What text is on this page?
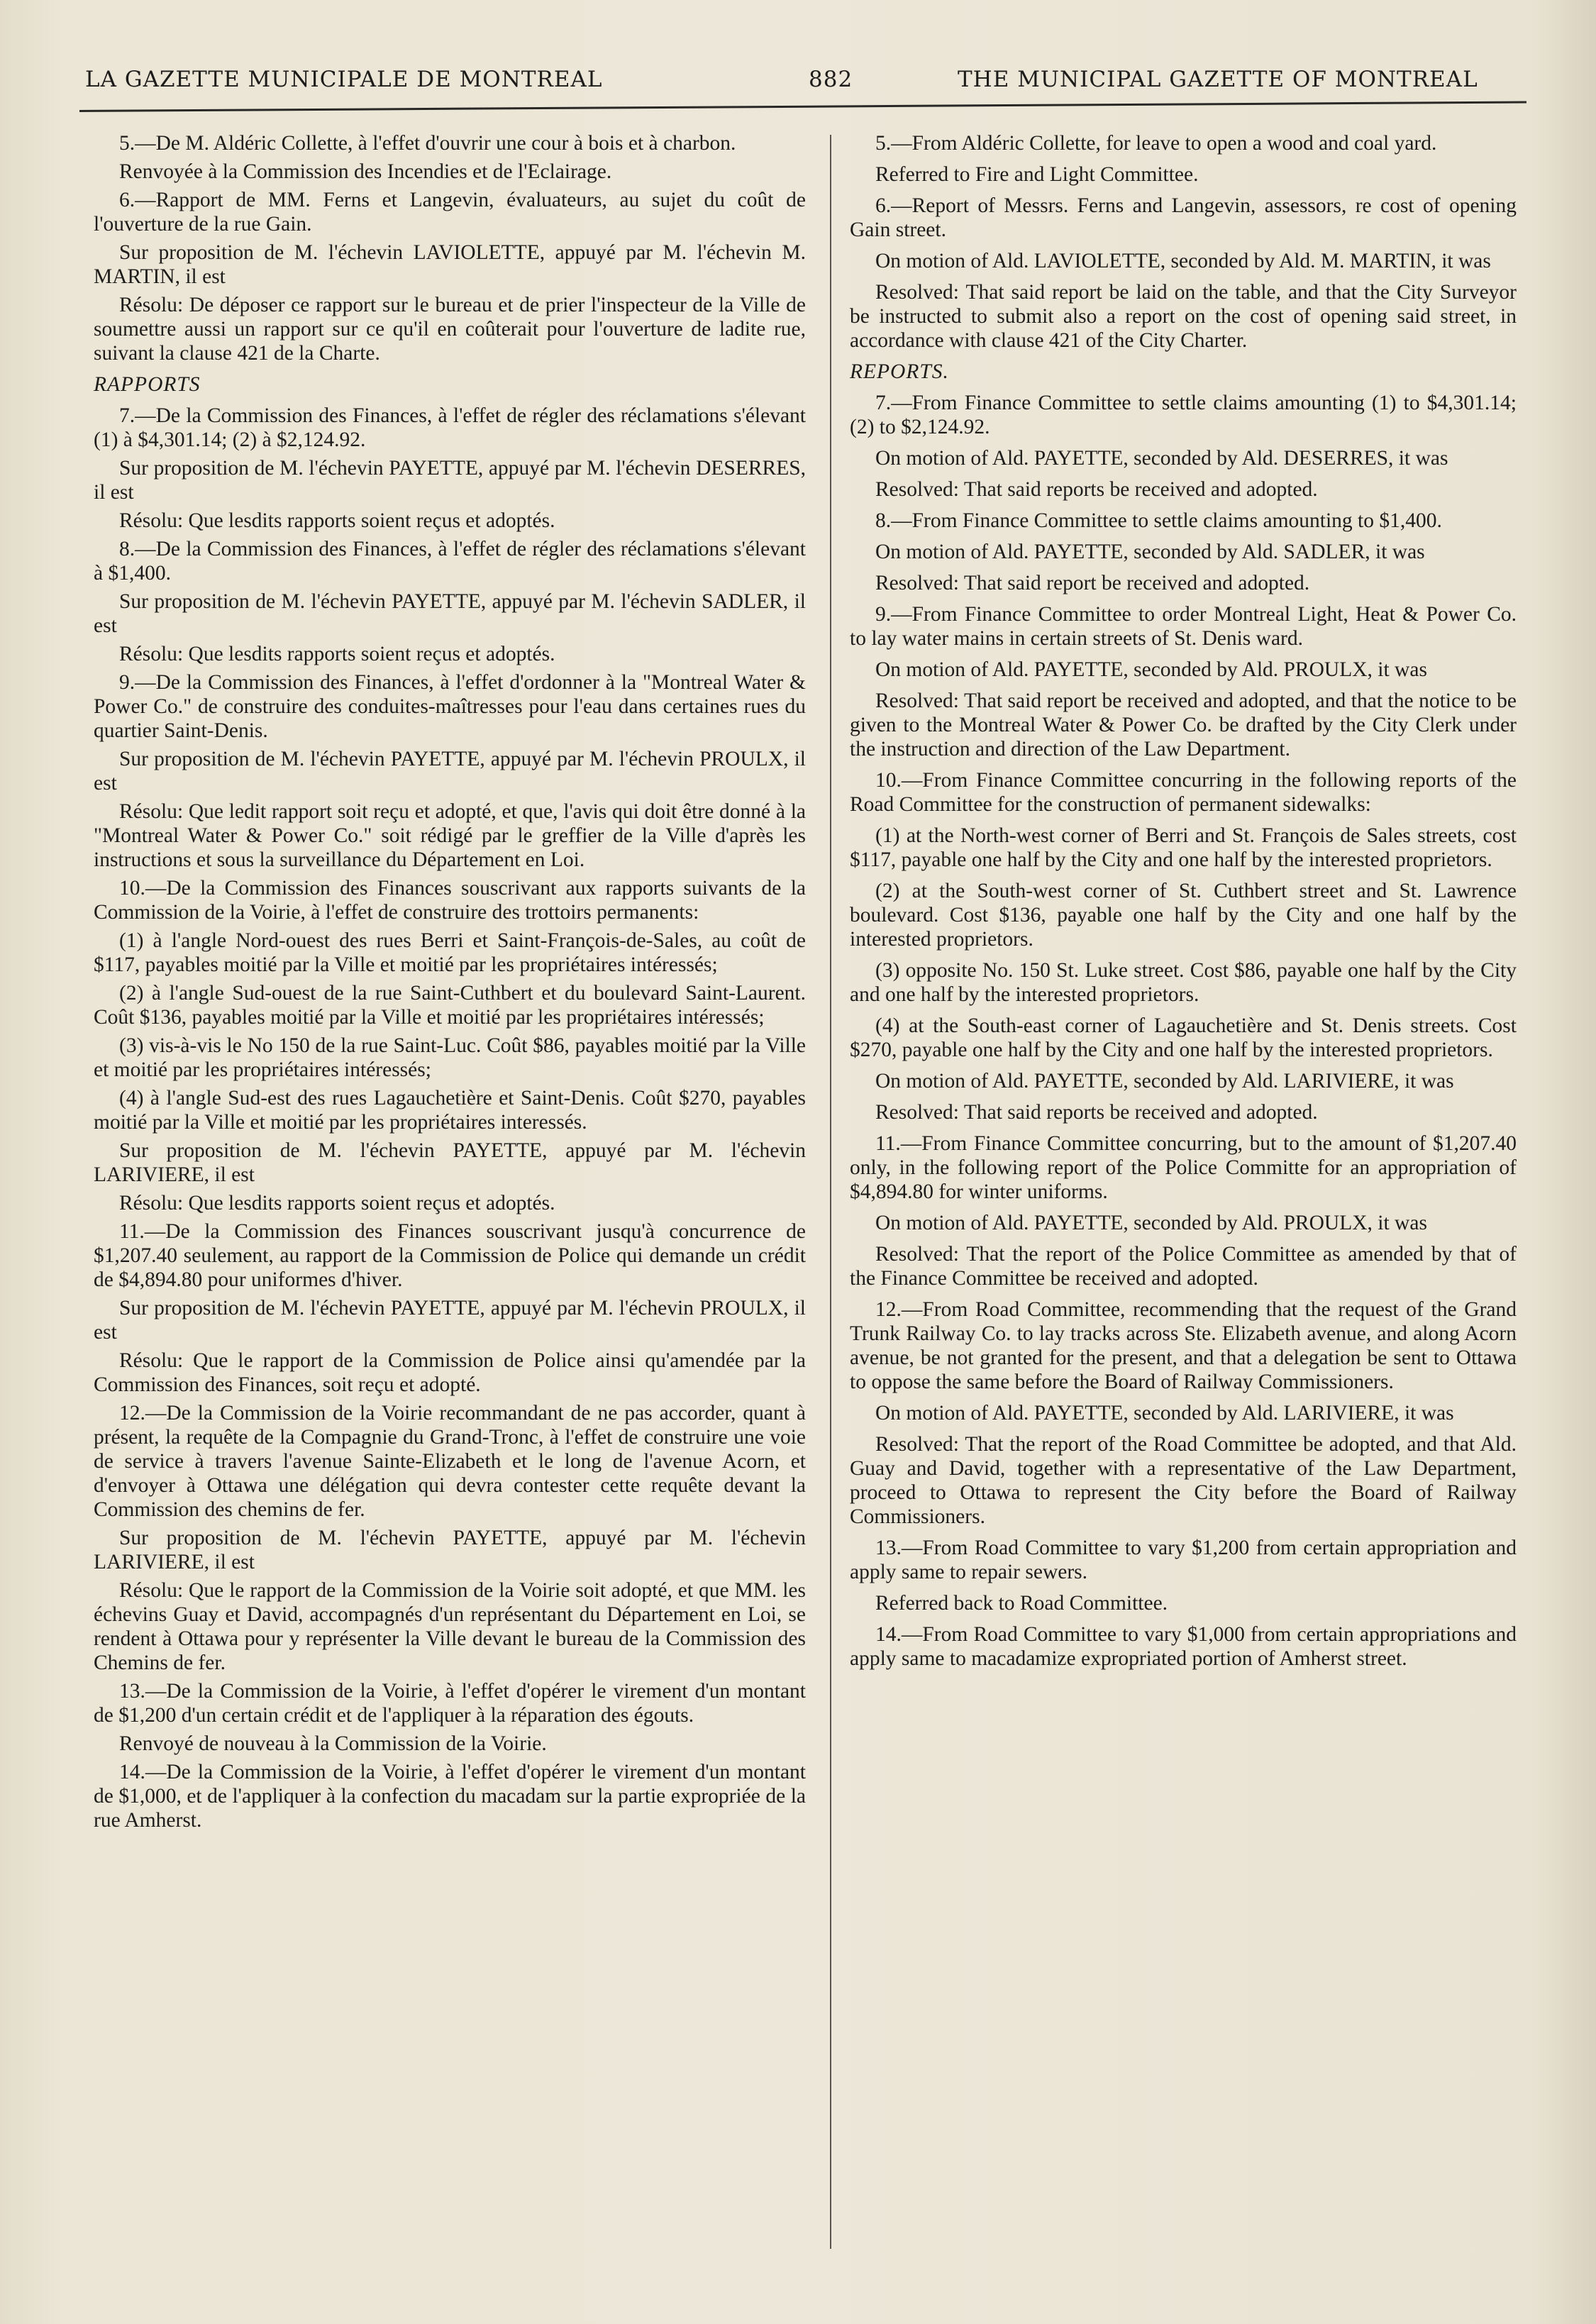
LA GAZETTE MUNICIPALE DE MONTREAL	882	THE MUNICIPAL GAZETTE OF MONTREAL

5.—De M. Aldéric Collette, à l'effet d'ouvrir une cour à bois et à charbon.

Renvoyée à la Commission des Incendies et de l'Eclairage.

6.—Rapport de MM. Ferns et Langevin, évaluateurs, au sujet du coût de l'ouverture de la rue Gain.

Sur proposition de M. l'échevin LAVIOLETTE, appuyé par M. l'échevin M. MARTIN, il est

Résolu: De déposer ce rapport sur le bureau et de prier l'inspecteur de la Ville de soumettre aussi un rapport sur ce qu'il en coûterait pour l'ouverture de ladite rue, suivant la clause 421 de la Charte.

RAPPORTS

7.—De la Commission des Finances, à l'effet de régler des réclamations s'élevant (1) à $4,301.14; (2) à $2,124.92.

Sur proposition de M. l'échevin PAYETTE, appuyé par M. l'échevin DESERRES, il est

Résolu: Que lesdits rapports soient reçus et adoptés.

8.—De la Commission des Finances, à l'effet de régler des réclamations s'élevant à $1,400.

Sur proposition de M. l'échevin PAYETTE, appuyé par M. l'échevin SADLER, il est

Résolu: Que lesdits rapports soient reçus et adoptés.

9.—De la Commission des Finances, à l'effet d'ordonner à la "Montreal Water & Power Co." de construire des conduites-maîtresses pour l'eau dans certaines rues du quartier Saint-Denis.

Sur proposition de M. l'échevin PAYETTE, appuyé par M. l'échevin PROULX, il est

Résolu: Que ledit rapport soit reçu et adopté, et que, l'avis qui doit être donné à la "Montreal Water & Power Co." soit rédigé par le greffier de la Ville d'après les instructions et sous la surveillance du Département en Loi.

10.—De la Commission des Finances souscrivant aux rapports suivants de la Commission de la Voirie, à l'effet de construire des trottoirs permanents:

(1) à l'angle Nord-ouest des rues Berri et Saint-François-de-Sales, au coût de $117, payables moitié par la Ville et moitié par les propriétaires intéressés;

(2) à l'angle Sud-ouest de la rue Saint-Cuthbert et du boulevard Saint-Laurent. Coût $136, payables moitié par la Ville et moitié par les propriétaires intéressés;

(3) vis-à-vis le No 150 de la rue Saint-Luc. Coût $86, payables moitié par la Ville et moitié par les propriétaires intéressés;

(4) à l'angle Sud-est des rues Lagauchetière et Saint-Denis. Coût $270, payables moitié par la Ville et moitié par les propriétaires interessés.

Sur proposition de M. l'échevin PAYETTE, appuyé par M. l'échevin LARIVIERE, il est

Résolu: Que lesdits rapports soient reçus et adoptés.

11.—De la Commission des Finances souscrivant jusqu'à concurrence de $1,207.40 seulement, au rapport de la Commission de Police qui demande un crédit de $4,894.80 pour uniformes d'hiver.

Sur proposition de M. l'échevin PAYETTE, appuyé par M. l'échevin PROULX, il est

Résolu: Que le rapport de la Commission de Police ainsi qu'amendée par la Commission des Finances, soit reçu et adopté.

12.—De la Commission de la Voirie recommandant de ne pas accorder, quant à présent, la requête de la Compagnie du Grand-Tronc, à l'effet de construire une voie de service à travers l'avenue Sainte-Elizabeth et le long de l'avenue Acorn, et d'envoyer à Ottawa une délégation qui devra contester cette requête devant la Commission des chemins de fer.

Sur proposition de M. l'échevin PAYETTE, appuyé par M. l'échevin LARIVIERE, il est

Résolu: Que le rapport de la Commission de la Voirie soit adopté, et que MM. les échevins Guay et David, accompagnés d'un représentant du Département en Loi, se rendent à Ottawa pour y représenter la Ville devant le bureau de la Commission des Chemins de fer.

13.—De la Commission de la Voirie, à l'effet d'opérer le virement d'un montant de $1,200 d'un certain crédit et de l'appliquer à la réparation des égouts.

Renvoyé de nouveau à la Commission de la Voirie.

14.—De la Commission de la Voirie, à l'effet d'opérer le virement d'un montant de $1,000, et de l'appliquer à la confection du macadam sur la partie expropriée de la rue Amherst.

5.—From Aldéric Collette, for leave to open a wood and coal yard.

Referred to Fire and Light Committee.

6.—Report of Messrs. Ferns and Langevin, assessors, re cost of opening Gain street.

On motion of Ald. LAVIOLETTE, seconded by Ald. M. MARTIN, it was

Resolved: That said report be laid on the table, and that the City Surveyor be instructed to submit also a report on the cost of opening said street, in accordance with clause 421 of the City Charter.

REPORTS.

7.—From Finance Committee to settle claims amounting (1) to $4,301.14; (2) to $2,124.92.

On motion of Ald. PAYETTE, seconded by Ald. DESERRES, it was

Resolved: That said reports be received and adopted.

8.—From Finance Committee to settle claims amounting to $1,400.

On motion of Ald. PAYETTE, seconded by Ald. SADLER, it was

Resolved: That said report be received and adopted.

9.—From Finance Committee to order Montreal Light, Heat & Power Co. to lay water mains in certain streets of St. Denis ward.

On motion of Ald. PAYETTE, seconded by Ald. PROULX, it was

Resolved: That said report be received and adopted, and that the notice to be given to the Montreal Water & Power Co. be drafted by the City Clerk under the instruction and direction of the Law Department.

10.—From Finance Committee concurring in the following reports of the Road Committee for the construction of permanent sidewalks:

(1) at the North-west corner of Berri and St. François de Sales streets, cost $117, payable one half by the City and one half by the interested proprietors.

(2) at the South-west corner of St. Cuthbert street and St. Lawrence boulevard. Cost $136, payable one half by the City and one half by the interested proprietors.

(3) opposite No. 150 St. Luke street. Cost $86, payable one half by the City and one half by the interested proprietors.

(4) at the South-east corner of Lagauchetière and St. Denis streets. Cost $270, payable one half by the City and one half by the interested proprietors.

On motion of Ald. PAYETTE, seconded by Ald. LARIVIERE, it was

Resolved: That said reports be received and adopted.

11.—From Finance Committee concurring, but to the amount of $1,207.40 only, in the following report of the Police Committe for an appropriation of $4,894.80 for winter uniforms.

On motion of Ald. PAYETTE, seconded by Ald. PROULX, it was

Resolved: That the report of the Police Committee as amended by that of the Finance Committee be received and adopted.

12.—From Road Committee, recommending that the request of the Grand Trunk Railway Co. to lay tracks across Ste. Elizabeth avenue, and along Acorn avenue, be not granted for the present, and that a delegation be sent to Ottawa to oppose the same before the Board of Railway Commissioners.

On motion of Ald. PAYETTE, seconded by Ald. LARIVIERE, it was

Resolved: That the report of the Road Committee be adopted, and that Ald. Guay and David, together with a representative of the Law Department, proceed to Ottawa to represent the City before the Board of Railway Commissioners.

13.—From Road Committee to vary $1,200 from certain appropriation and apply same to repair sewers.

Referred back to Road Committee.

14.—From Road Committee to vary $1,000 from certain appropriations and apply same to macadamize expropriated portion of Amherst street.
